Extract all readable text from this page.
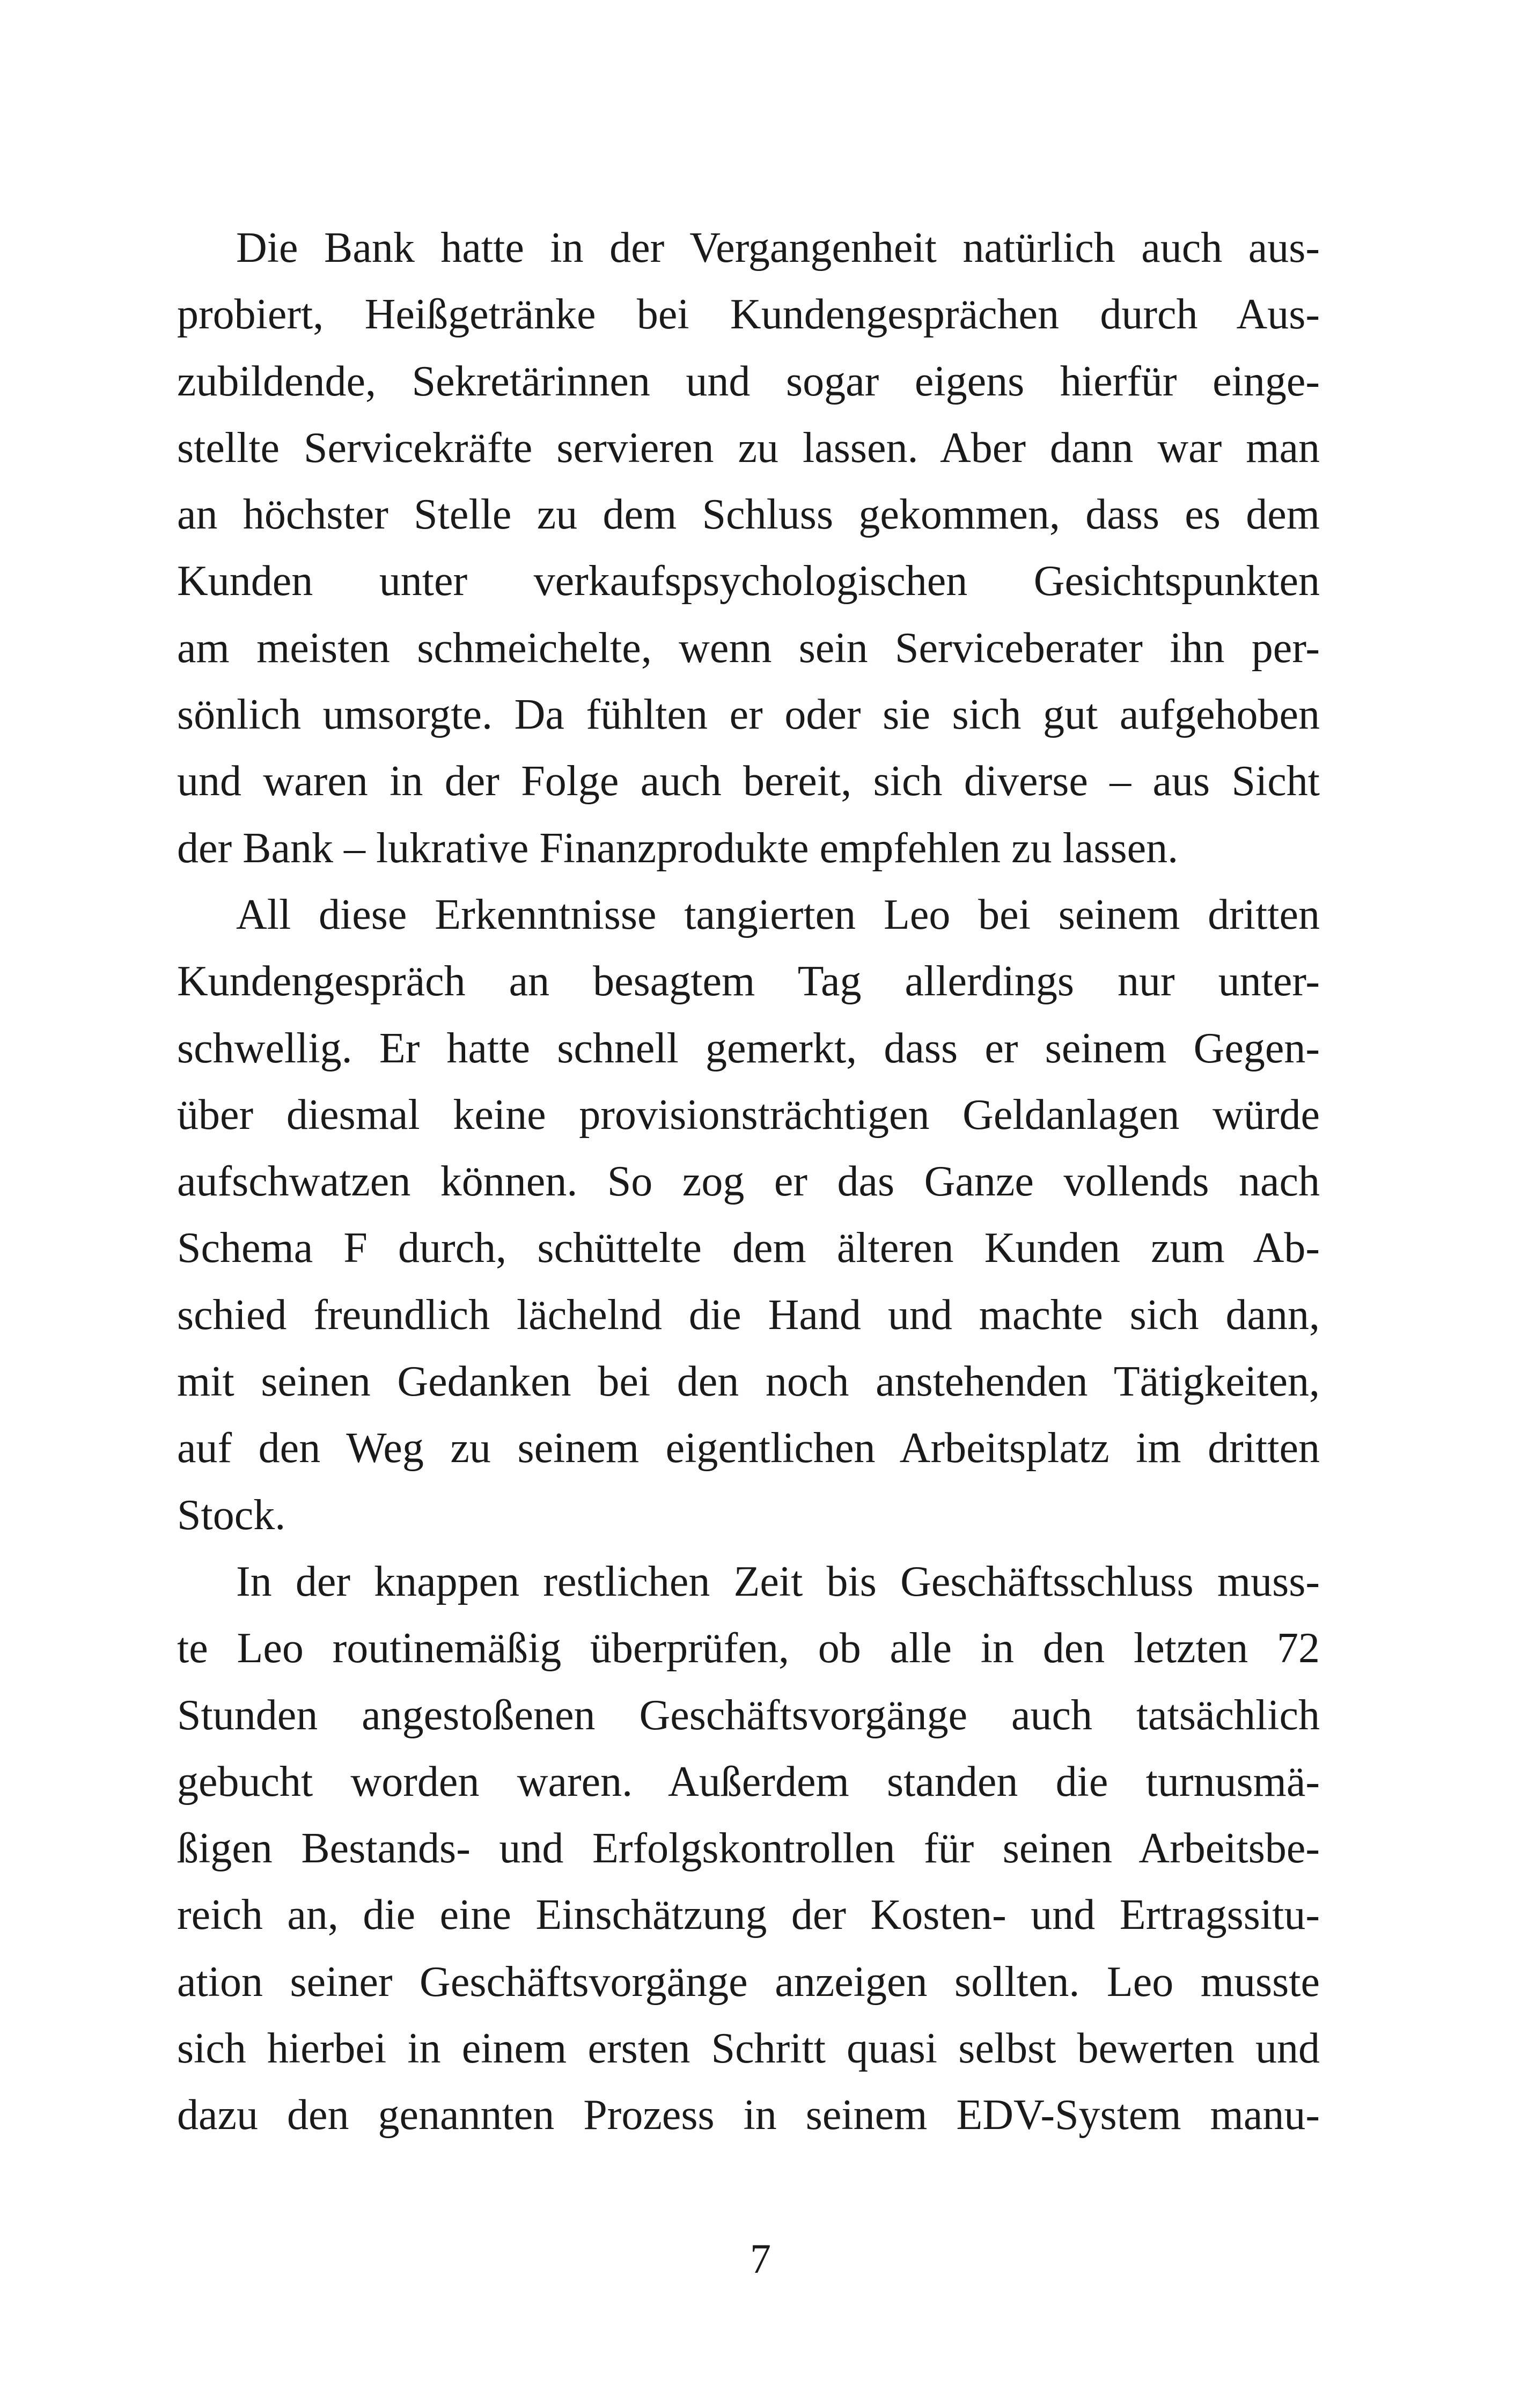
Die Bank hatte in der Vergangenheit natürlich auch aus-
probiert, Heißgetränke bei Kundengesprächen durch Aus-
zubildende, Sekretärinnen und sogar eigens hierfür einge-
stellte Servicekräfte servieren zu lassen. Aber dann war man
an höchster Stelle zu dem Schluss gekommen, dass es dem
Kunden unter verkaufspsychologischen Gesichtspunkten
am meisten schmeichelte, wenn sein Serviceberater ihn per-
sönlich umsorgte. Da fühlten er oder sie sich gut aufgehoben
und waren in der Folge auch bereit, sich diverse – aus Sicht
der Bank – lukrative Finanzprodukte empfehlen zu lassen.
All diese Erkenntnisse tangierten Leo bei seinem dritten
Kundengespräch an besagtem Tag allerdings nur unter-
schwellig. Er hatte schnell gemerkt, dass er seinem Gegen-
über diesmal keine provisionsträchtigen Geldanlagen würde
aufschwatzen können. So zog er das Ganze vollends nach
Schema F durch, schüttelte dem älteren Kunden zum Ab-
schied freundlich lächelnd die Hand und machte sich dann,
mit seinen Gedanken bei den noch anstehenden Tätigkeiten,
auf den Weg zu seinem eigentlichen Arbeitsplatz im dritten
Stock.
In der knappen restlichen Zeit bis Geschäftsschluss muss-
te Leo routinemäßig überprüfen, ob alle in den letzten 72
Stunden angestoßenen Geschäftsvorgänge auch tatsächlich
gebucht worden waren. Außerdem standen die turnusmä-
ßigen Bestands- und Erfolgskontrollen für seinen Arbeitsbe-
reich an, die eine Einschätzung der Kosten- und Ertragssitu-
ation seiner Geschäftsvorgänge anzeigen sollten. Leo musste
sich hierbei in einem ersten Schritt quasi selbst bewerten und
dazu den genannten Prozess in seinem EDV-System manu-
7
